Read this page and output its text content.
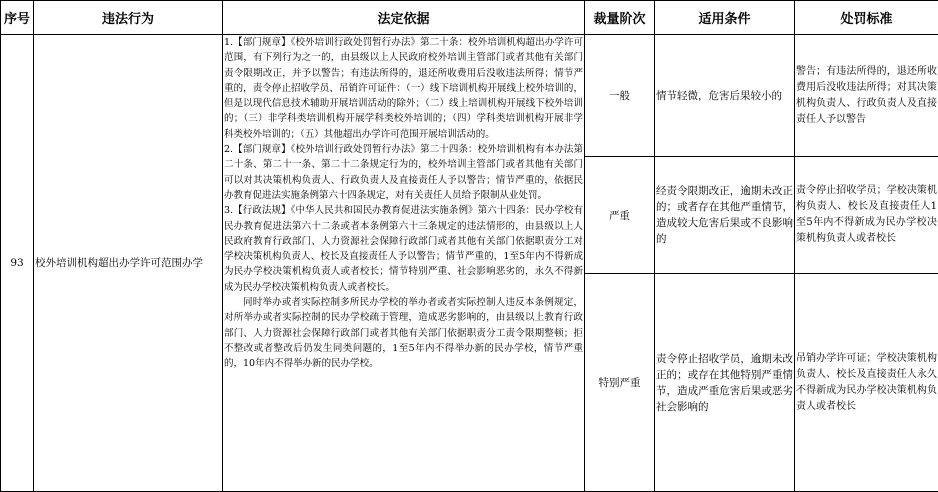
序号	违法行为	法定依据	裁量阶次	适用条件	处罚标准
93	校外培训机构超出办学许可范围办学	1.【部门规章】《校外培训行政处罚暂行办法》第二十条：校外培训机构超出办学许可范围，有下列行为之一的，由县级以上人民政府校外培训主管部门或者其他有关部门责令限期改正，并予以警告；有违法所得的，退还所收费用后没收违法所得；情节严重的，责令停止招收学员、吊销许可证件：（一）线下培训机构开展线上校外培训的，但是以现代信息技术辅助开展培训活动的除外；（二）线上培训机构开展线下校外培训的；（三）非学科类培训机构开展学科类校外培训的；（四）学科类培训机构开展非学科类校外培训的；（五）其他超出办学许可范围开展培训活动的。

2.【部门规章】《校外培训行政处罚暂行办法》第二十四条：校外培训机构有本办法第二十条、第二十一条、第二十二条规定行为的，校外培训主管部门或者其他有关部门可以对其决策机构负责人、行政负责人及直接责任人予以警告；情节严重的，依据民办教育促进法实施条例第六十四条规定，对有关责任人员给予限制从业处罚。

3.【行政法规】《中华人民共和国民办教育促进法实施条例》第六十四条：民办学校有民办教育促进法第六十二条或者本条例第六十三条规定的违法情形的，由县级以上人民政府教育行政部门、人力资源社会保障行政部门或者其他有关部门依据职责分工对学校决策机构负责人、校长及直接责任人予以警告；情节严重的，1至5年内不得新成为民办学校决策机构负责人或者校长；情节特别严重、社会影响恶劣的，永久不得新成为民办学校决策机构负责人或者校长。

同时举办或者实际控制多所民办学校的举办者或者实际控制人违反本条例规定，对所举办或者实际控制的民办学校疏于管理，造成恶劣影响的，由县级以上教育行政部门、人力资源社会保障行政部门或者其他有关部门依据职责分工责令限期整顿；拒不整改或者整改后仍发生同类问题的，1至5年内不得举办新的民办学校，情节严重的，10年内不得举办新的民办学校。	一般	情节轻微，危害后果较小的	警告；有违法所得的，退还所收费用后没收违法所得；对其决策机构负责人、行政负责人及直接责任人予以警告
			严重	经责令限期改正，逾期未改正的；或者存在其他严重情节，造成较大危害后果或不良影响的	责令停止招收学员；学校决策机构负责人、校长及直接责任人1至5年内不得新成为民办学校决策机构负责人或者校长
			特别严重	责令停止招收学员，逾期未改正的；或存在其他特别严重情节，造成严重危害后果或恶劣社会影响的	吊销办学许可证；学校决策机构负责人、校长及直接责任人永久不得新成为民办学校决策机构负责人或者校长
